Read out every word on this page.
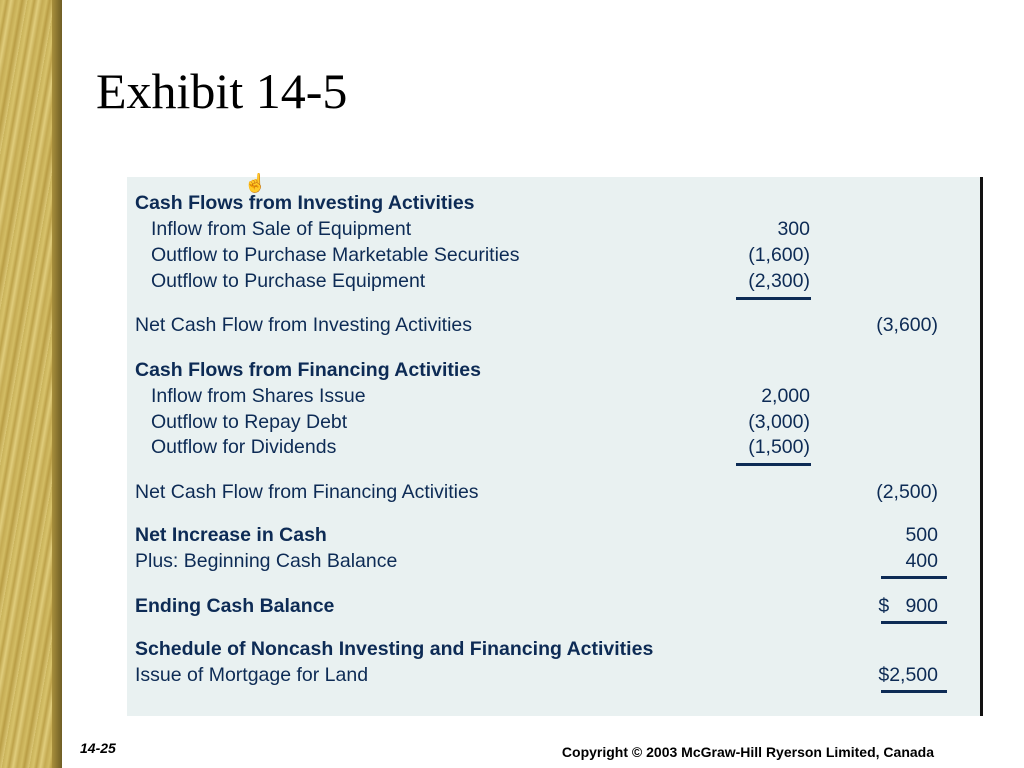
Exhibit 14-5
☝
Cash Flows from Investing Activities
Inflow from Sale of Equipment	300
Outflow to Purchase Marketable Securities	(1,600)
Outflow to Purchase Equipment	(2,300)
Net Cash Flow from Investing Activities	(3,600)
Cash Flows from Financing Activities
Inflow from Shares Issue	2,000
Outflow to Repay Debt	(3,000)
Outflow for Dividends	(1,500)
Net Cash Flow from Financing Activities	(2,500)
Net Increase in Cash	500
Plus: Beginning Cash Balance	400
Ending Cash Balance	$   900
Schedule of Noncash Investing and Financing Activities
Issue of Mortgage for Land	$2,500
14-25	Copyright © 2003 McGraw-Hill Ryerson Limited, Canada
